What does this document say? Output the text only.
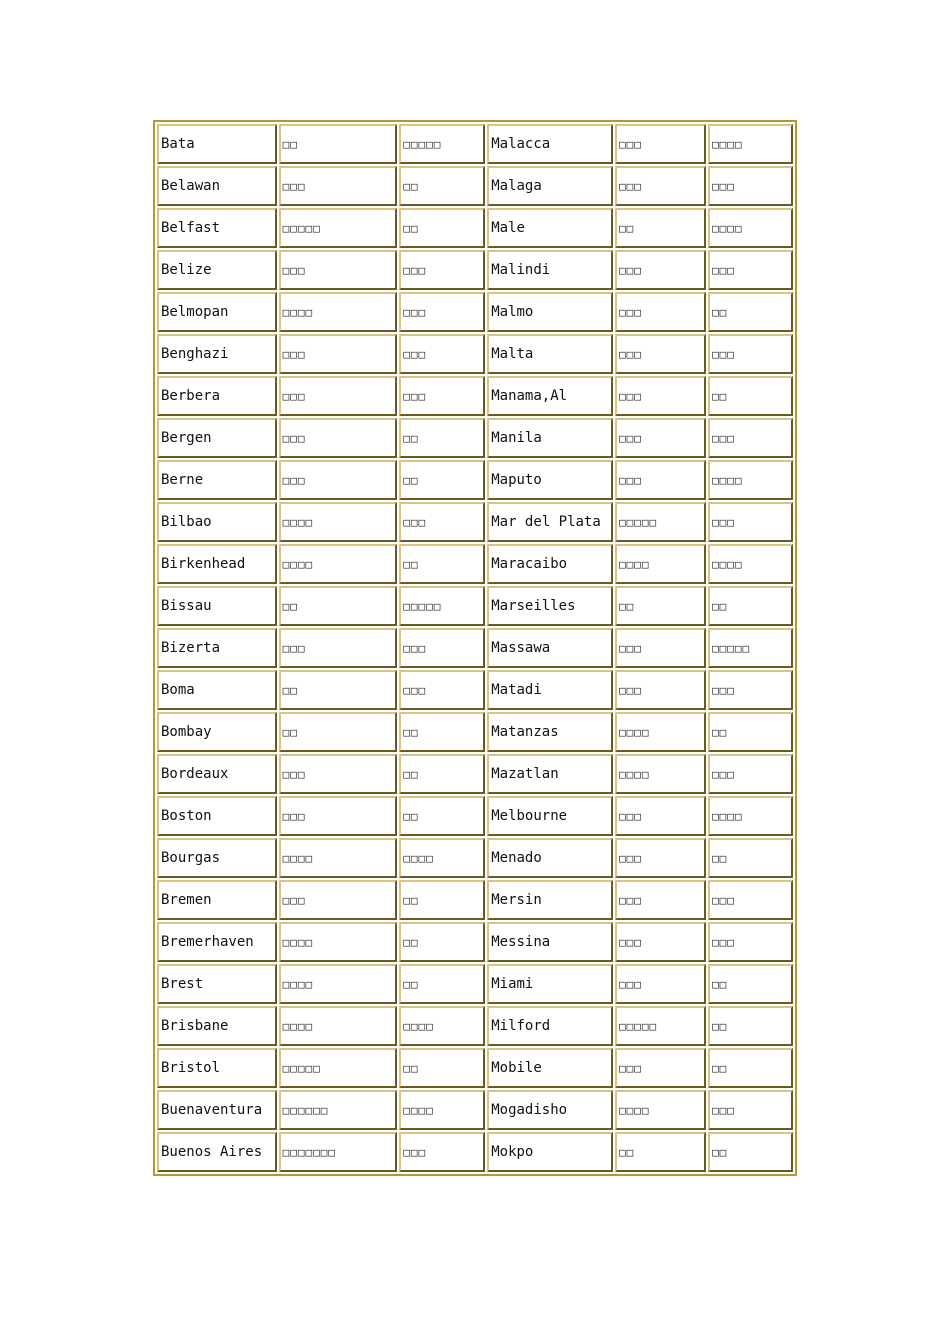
Bata	□□	□□□□□	Malacca	□□□	□□□□
Belawan	□□□	□□	Malaga	□□□	□□□
Belfast	□□□□□	□□	Male	□□	□□□□
Belize	□□□	□□□	Malindi	□□□	□□□
Belmopan	□□□□	□□□	Malmo	□□□	□□
Benghazi	□□□	□□□	Malta	□□□	□□□
Berbera	□□□	□□□	Manama,Al	□□□	□□
Bergen	□□□	□□	Manila	□□□	□□□
Berne	□□□	□□	Maputo	□□□	□□□□
Bilbao	□□□□	□□□	Mar del Plata	□□□□□	□□□
Birkenhead	□□□□	□□	Maracaibo	□□□□	□□□□
Bissau	□□	□□□□□	Marseilles	□□	□□
Bizerta	□□□	□□□	Massawa	□□□	□□□□□
Boma	□□	□□□	Matadi	□□□	□□□
Bombay	□□	□□	Matanzas	□□□□	□□
Bordeaux	□□□	□□	Mazatlan	□□□□	□□□
Boston	□□□	□□	Melbourne	□□□	□□□□
Bourgas	□□□□	□□□□	Menado	□□□	□□
Bremen	□□□	□□	Mersin	□□□	□□□
Bremerhaven	□□□□	□□	Messina	□□□	□□□
Brest	□□□□	□□	Miami	□□□	□□
Brisbane	□□□□	□□□□	Milford	□□□□□	□□
Bristol	□□□□□	□□	Mobile	□□□	□□
Buenaventura	□□□□□□	□□□□	Mogadisho	□□□□	□□□
Buenos Aires	□□□□□□□	□□□	Mokpo	□□	□□
